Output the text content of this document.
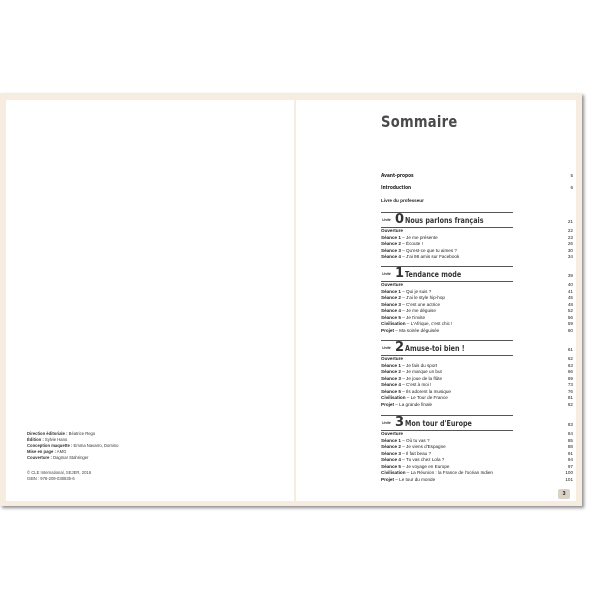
Direction éditoriale : Béatrice Rego
Édition : Sylvie Hano
Conception maquette : Emma Navarro, Domino
Mise en page : AMG
Couverture : Dagmar Stahringer
© CLE International, SEJER, 2016
ISBN : 978-209-038835-6
Sommaire
Avant-propos	5
Introduction	6
Livre du professeur
Unité 0 Nous parlons français	21
Ouverture	22
Séance 1 – Je me présente	23
Séance 2 – Écoute !	26
Séance 3 – Qu'est-ce que tu aimes ?	30
Séance 4 – J'ai 98 amis sur Facebook	34
Unité 1 Tendance mode	39
Ouverture	40
Séance 1 – Qui je suis ?	41
Séance 2 – J'ai le style hip-hop	45
Séance 3 – C'est une actrice	48
Séance 4 – Je me déguise	52
Séance 5 – Je t'invite	56
Civilisation – L'Afrique, c'est chic !	59
Projet – Ma soirée déguisée	60
Unité 2 Amuse-toi bien !	61
Ouverture	62
Séance 1 – Je fais du sport	63
Séance 2 – Je marque un but	66
Séance 3 – Je joue de la flûte	69
Séance 4 – C'est à moi !	73
Séance 5 – Ils adorent la musique	76
Civilisation – Le Tour de France	81
Projet – La grande finale	82
Unité 3 Mon tour d'Europe	83
Ouverture	84
Séance 1 – Où tu vas ?	85
Séance 2 – Je viens d'Espagne	88
Séance 3 – Il fait beau ?	91
Séance 4 – Tu vas chez Lola ?	94
Séance 5 – Je voyage en Europe	97
Civilisation – La Réunion : la France de l'océan Indien	100
Projet – Le tour du monde	101
3
